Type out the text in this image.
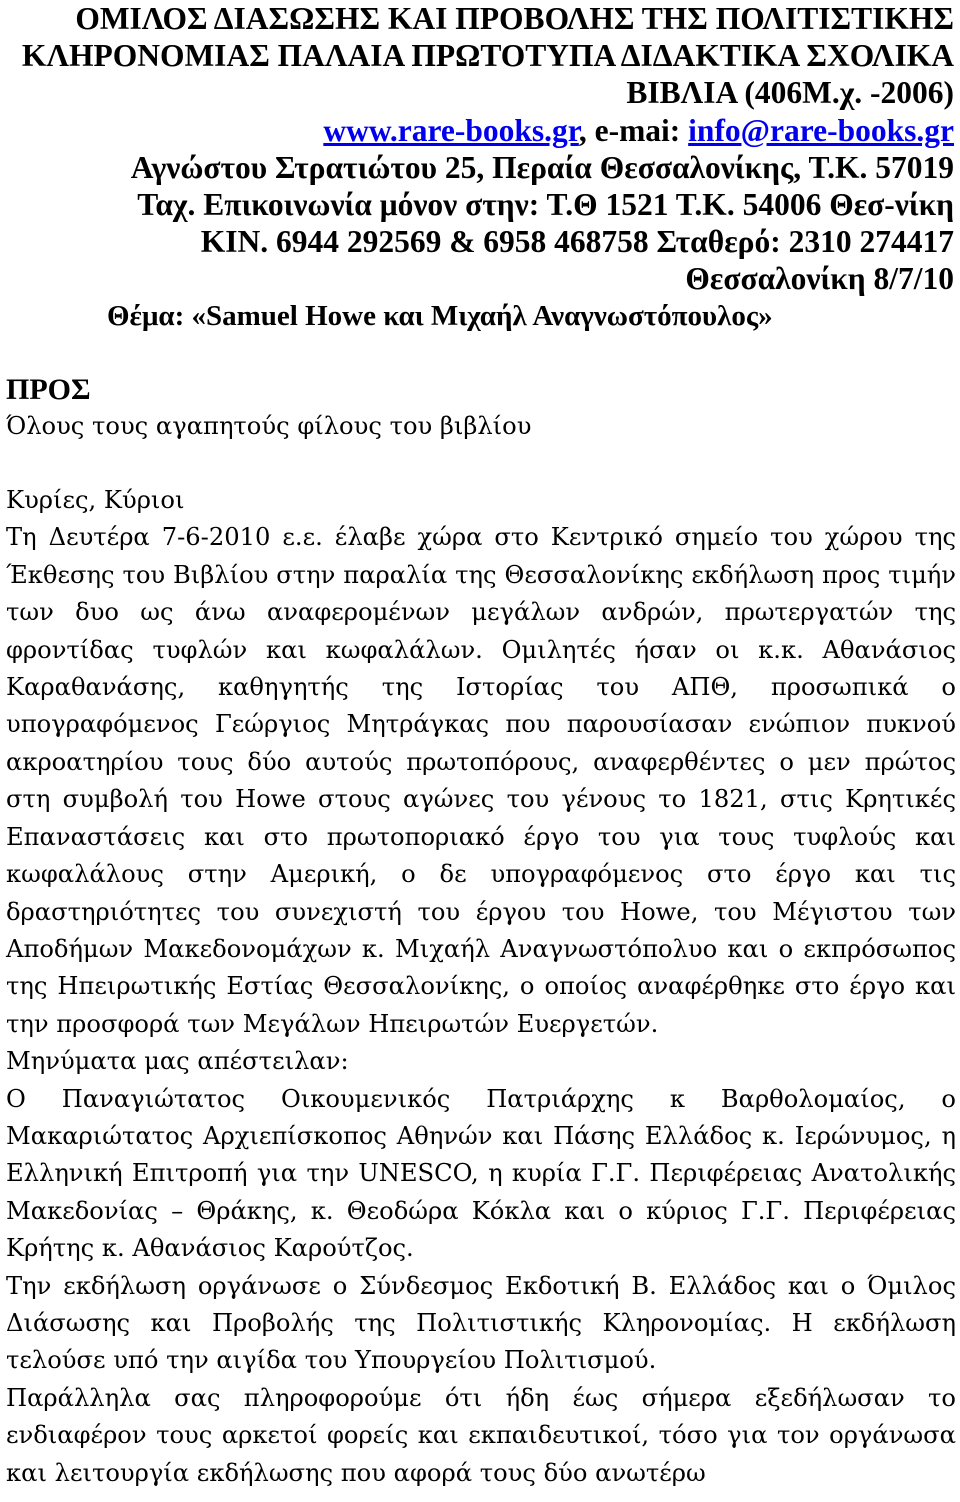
ΟΜΙΛΟΣ ΔΙΑΣΩΣΗΣ ΚΑΙ ΠΡΟΒΟΛΗΣ ΤΗΣ ΠΟΛΙΤΙΣΤΙΚΗΣ
ΚΛΗΡΟΝΟΜΙΑΣ ΠΑΛΑΙΑ ΠΡΩΤΟΤΥΠΑ ΔΙΔΑΚΤΙΚΑ ΣΧΟΛΙΚΑ
ΒΙΒΛΙΑ (406Μ.χ. -2006)
www.rare-books.gr, e-mai: info@rare-books.gr
Αγνώστου Στρατιώτου 25, Περαία Θεσσαλονίκης, Τ.Κ. 57019
Ταχ. Επικοινωνία μόνον στην: Τ.Θ 1521 Τ.Κ. 54006 Θεσ-νίκη
ΚΙΝ. 6944 292569 & 6958 468758 Σταθερό: 2310 274417
Θεσσαλονίκη 8/7/10
Θέμα: «Samuel Howe και Μιχαήλ Αναγνωστόπουλος»
ΠΡΟΣ
Όλους τους αγαπητούς φίλους του βιβλίου
Κυρίες, Κύριοι

Τη Δευτέρα 7-6-2010 ε.ε. έλαβε χώρα στο Κεντρικό σημείο του χώρου της Έκθεσης του Βιβλίου στην παραλία της Θεσσαλονίκης εκδήλωση προς τιμήν των δυο ως άνω αναφερομένων μεγάλων ανδρών, πρωτεργατών της φροντίδας τυφλών και κωφαλάλων. Ομιλητές ήσαν οι κ.κ. Αθανάσιος Καραθανάσης, καθηγητής της Ιστορίας του ΑΠΘ, προσωπικά ο υπογραφόμενος Γεώργιος Μητράγκας που παρουσίασαν ενώπιον πυκνού ακροατηρίου τους δύο αυτούς πρωτοπόρους, αναφερθέντες ο μεν πρώτος στη συμβολή του Howe στους αγώνες του γένους το 1821, στις Κρητικές Επαναστάσεις και στο πρωτοποριακό έργο του για τους τυφλούς και κωφαλάλους στην Αμερική, ο δε υπογραφόμενος στο έργο και τις δραστηριότητες του συνεχιστή του έργου του Howe, του Μέγιστου των Αποδήμων Μακεδονομάχων κ. Μιχαήλ Αναγνωστόπολυο και ο εκπρόσωπος της Ηπειρωτικής Εστίας Θεσσαλονίκης, ο οποίος αναφέρθηκε στο έργο και την προσφορά των Μεγάλων Ηπειρωτών Ευεργετών.

Μηνύματα μας απέστειλαν:

Ο Παναγιώτατος Οικουμενικός Πατριάρχης κ Βαρθολομαίος, ο Μακαριώτατος Αρχιεπίσκοπος Αθηνών και Πάσης Ελλάδος κ. Ιερώνυμος, η Ελληνική Επιτροπή για την UNESCO, η κυρία Γ.Γ. Περιφέρειας Ανατολικής Μακεδονίας – Θράκης, κ. Θεοδώρα Κόκλα και ο κύριος Γ.Γ. Περιφέρειας Κρήτης κ. Αθανάσιος Καρούτζος.

Την εκδήλωση οργάνωσε ο Σύνδεσμος Εκδοτική Β. Ελλάδος και ο Όμιλος Διάσωσης και Προβολής της Πολιτιστικής Κληρονομίας. Η εκδήλωση τελούσε υπό την αιγίδα του Υπουργείου Πολιτισμού.

Παράλληλα σας πληροφορούμε ότι ήδη έως σήμερα εξεδήλωσαν το ενδιαφέρον τους αρκετοί φορείς και εκπαιδευτικοί, τόσο για τον οργάνωσα και λειτουργία εκδήλωσης που αφορά τους δύο ανωτέρω
